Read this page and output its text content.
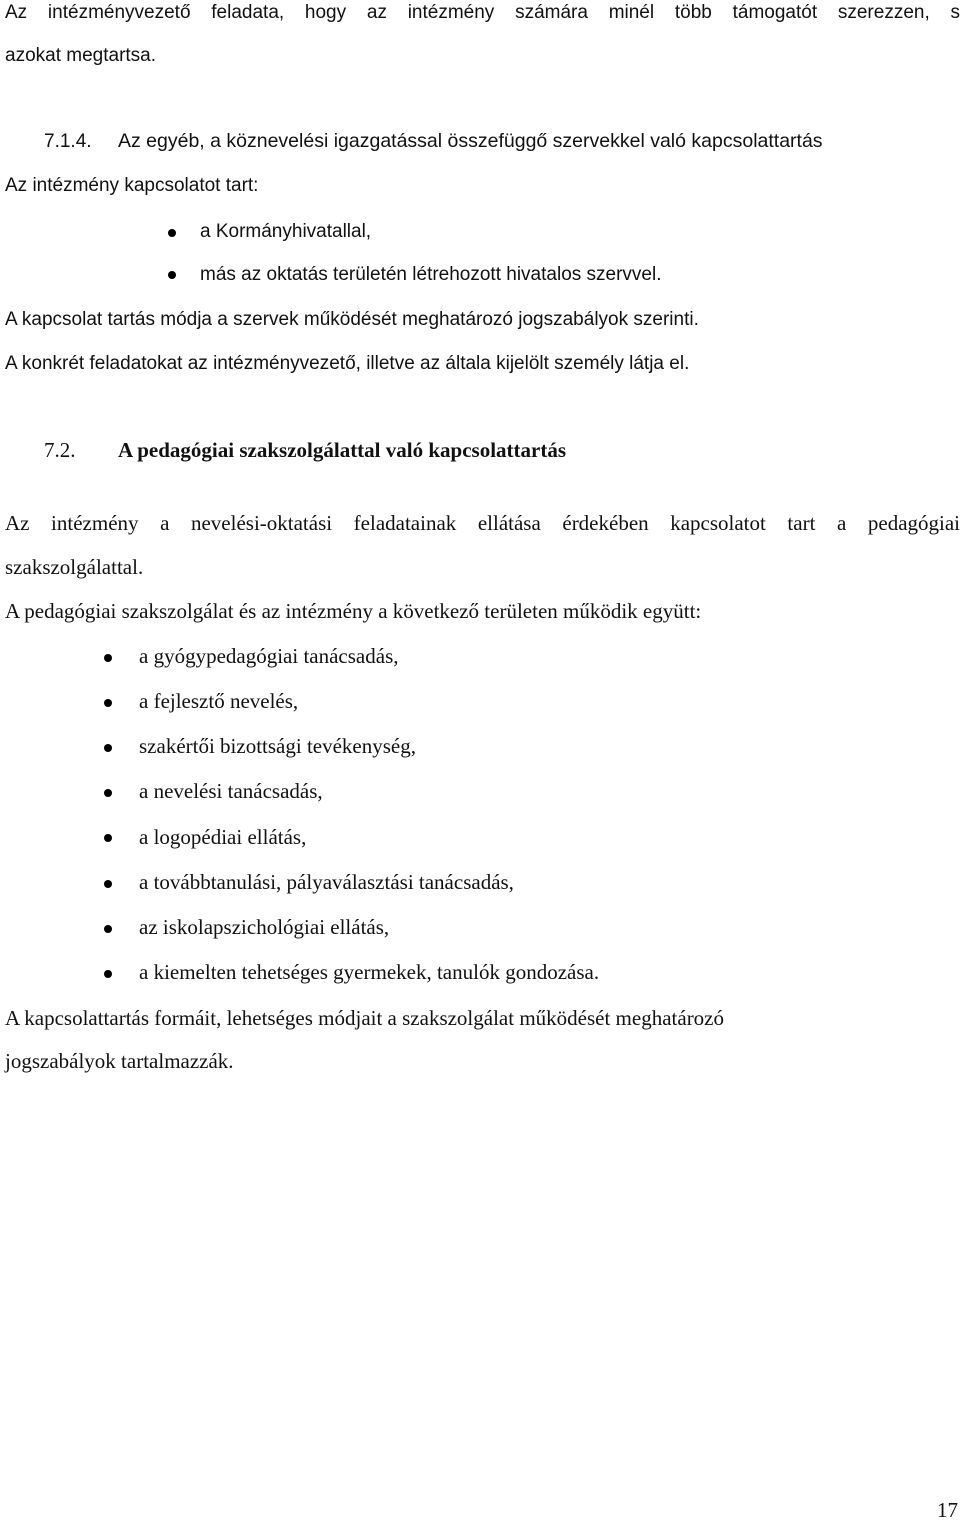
Az intézményvezető feladata, hogy az intézmény számára minél több támogatót szerezzen, s
azokat megtartsa.
7.1.4. Az egyéb, a köznevelési igazgatással összefüggő szervekkel való kapcsolattartás
Az intézmény kapcsolatot tart:
a Kormányhivatallal,
más az oktatás területén létrehozott hivatalos szervvel.
A kapcsolat tartás módja a szervek működését meghatározó jogszabályok szerinti.
A konkrét feladatokat az intézményvezető, illetve az általa kijelölt személy látja el.
7.2. A pedagógiai szakszolgálattal való kapcsolattartás
Az intézmény a nevelési-oktatási feladatainak ellátása érdekében kapcsolatot tart a pedagógiai
szakszolgálattal.
A pedagógiai szakszolgálat és az intézmény a következő területen működik együtt:
a gyógypedagógiai tanácsadás,
a fejlesztő nevelés,
szakértői bizottsági tevékenység,
a nevelési tanácsadás,
a logopédiai ellátás,
a továbbtanulási, pályaválasztási tanácsadás,
az iskolapszichológiai ellátás,
a kiemelten tehetséges gyermekek, tanulók gondozása.
A kapcsolattartás formáit, lehetséges módjait a szakszolgálat működését meghatározó
jogszabályok tartalmazzák.
17
